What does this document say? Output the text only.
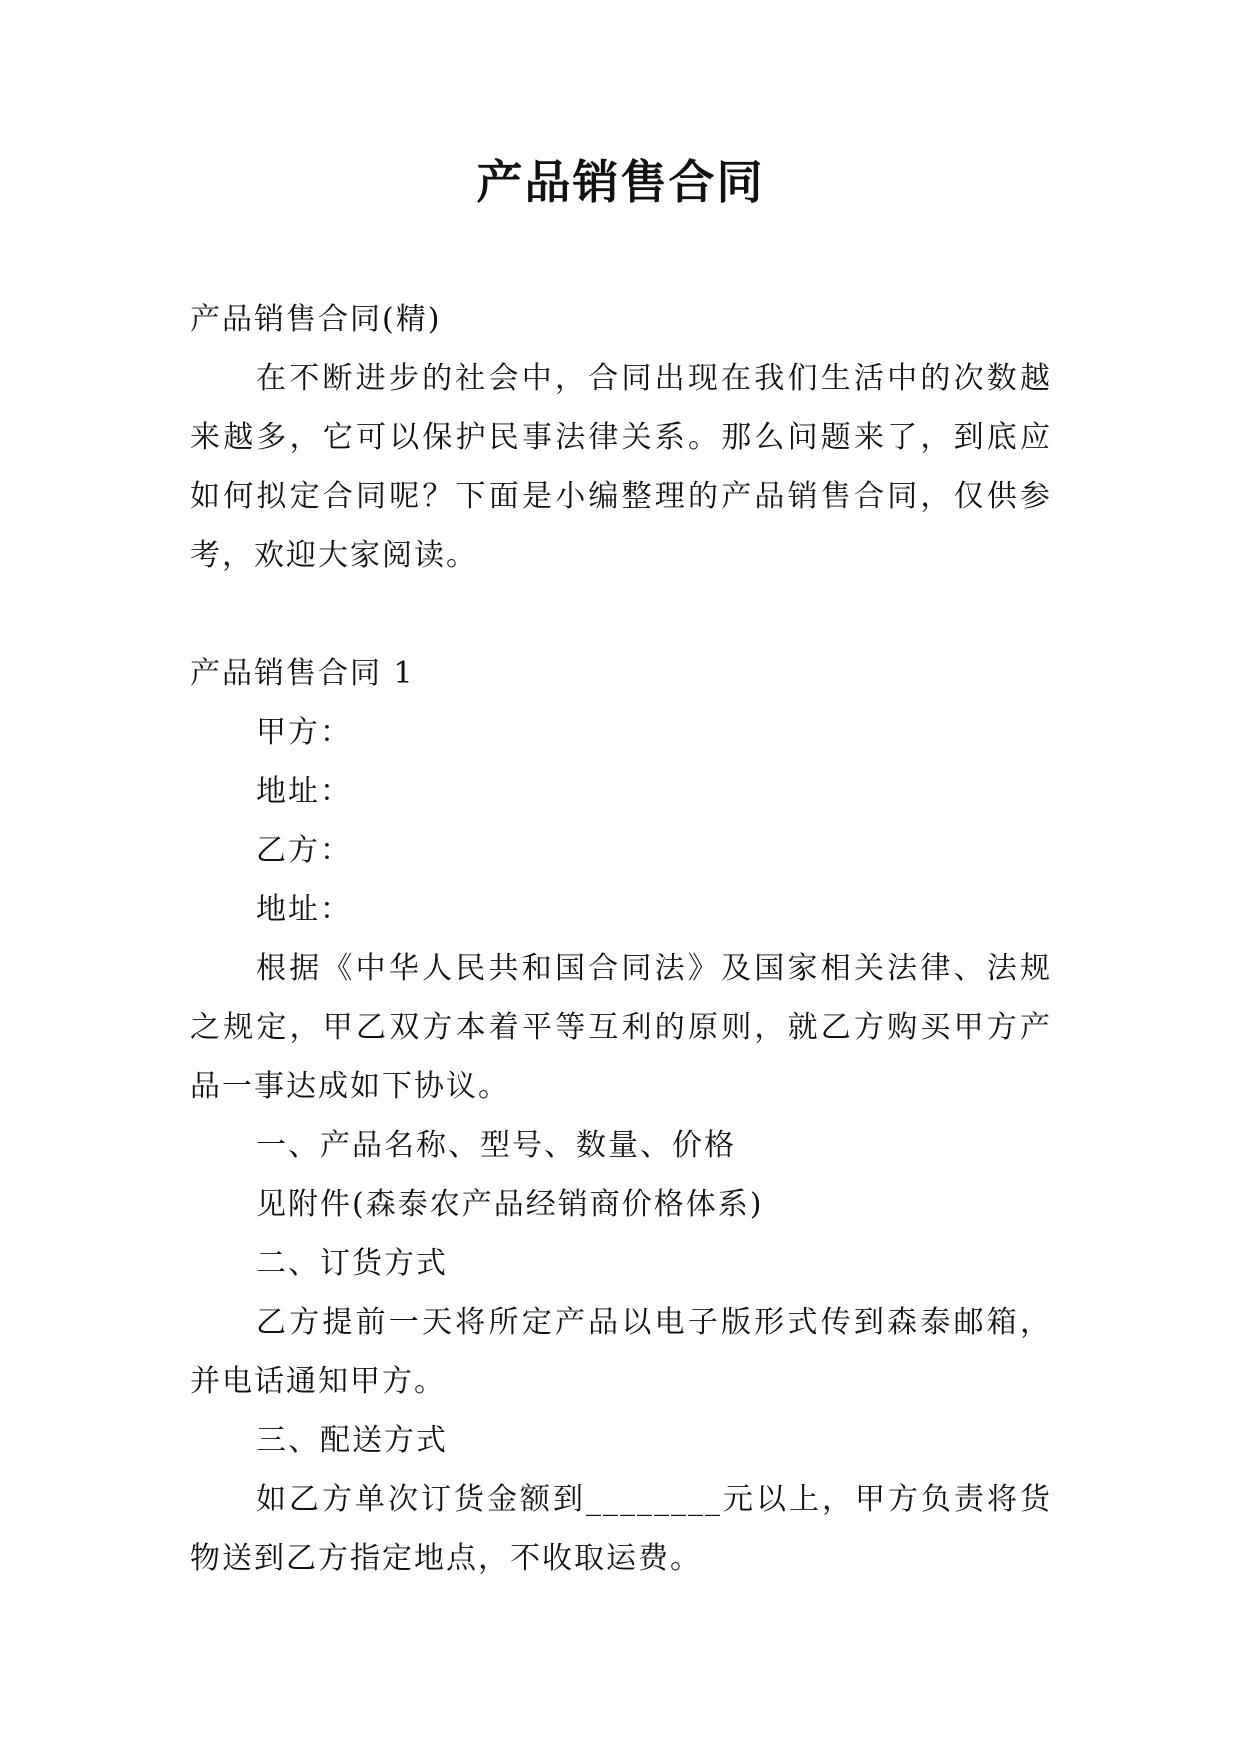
产品销售合同

产品销售合同(精)

在不断进步的社会中，合同出现在我们生活中的次数越来越多，它可以保护民事法律关系。那么问题来了，到底应如何拟定合同呢？下面是小编整理的产品销售合同，仅供参考，欢迎大家阅读。

产品销售合同 1

甲方：

地址：

乙方：

地址：

根据《中华人民共和国合同法》及国家相关法律、法规之规定，甲乙双方本着平等互利的原则，就乙方购买甲方产品一事达成如下协议。

一、产品名称、型号、数量、价格

见附件(森泰农产品经销商价格体系)

二、订货方式

乙方提前一天将所定产品以电子版形式传到森泰邮箱，并电话通知甲方。

三、配送方式

如乙方单次订货金额到________元以上，甲方负责将货物送到乙方指定地点，不收取运费。
